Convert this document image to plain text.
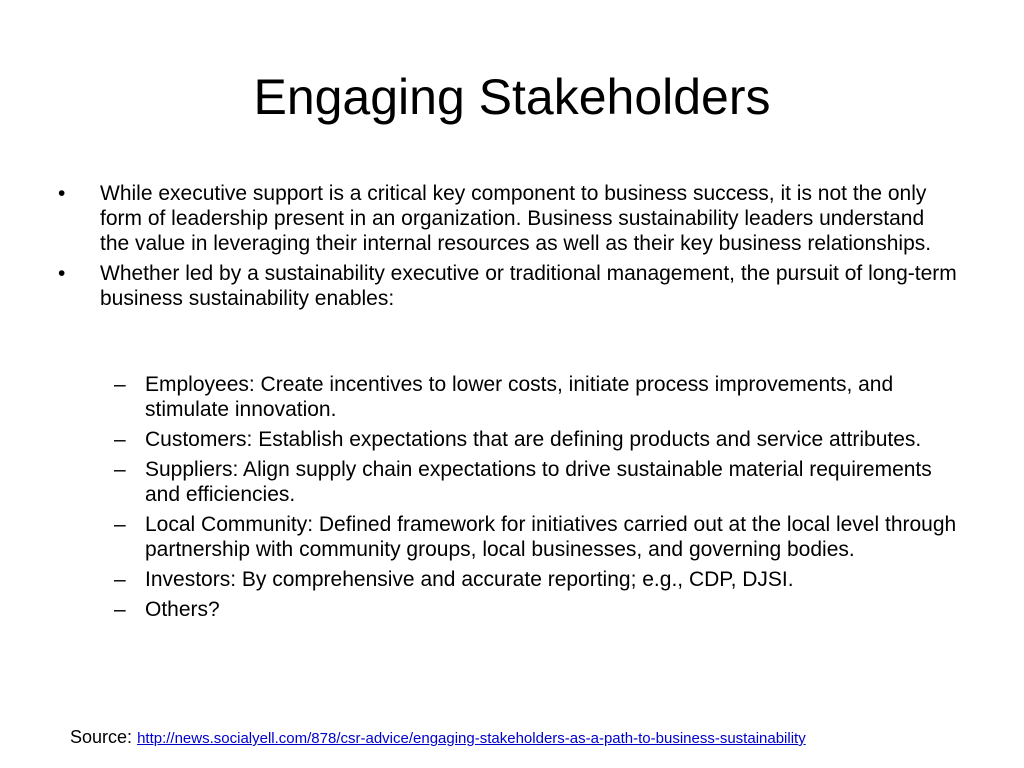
Engaging Stakeholders
• While executive support is a critical key component to business success, it is not the only form of leadership present in an organization. Business sustainability leaders understand the value in leveraging their internal resources as well as their key business relationships.
• Whether led by a sustainability executive or traditional management, the pursuit of long-term business sustainability enables:
– Employees: Create incentives to lower costs, initiate process improvements, and stimulate innovation.
– Customers: Establish expectations that are defining products and service attributes.
– Suppliers: Align supply chain expectations to drive sustainable material requirements and efficiencies.
– Local Community: Defined framework for initiatives carried out at the local level through partnership with community groups, local businesses, and governing bodies.
– Investors: By comprehensive and accurate reporting; e.g., CDP, DJSI.
– Others?
Source: http://news.socialyell.com/878/csr-advice/engaging-stakeholders-as-a-path-to-business-sustainability
